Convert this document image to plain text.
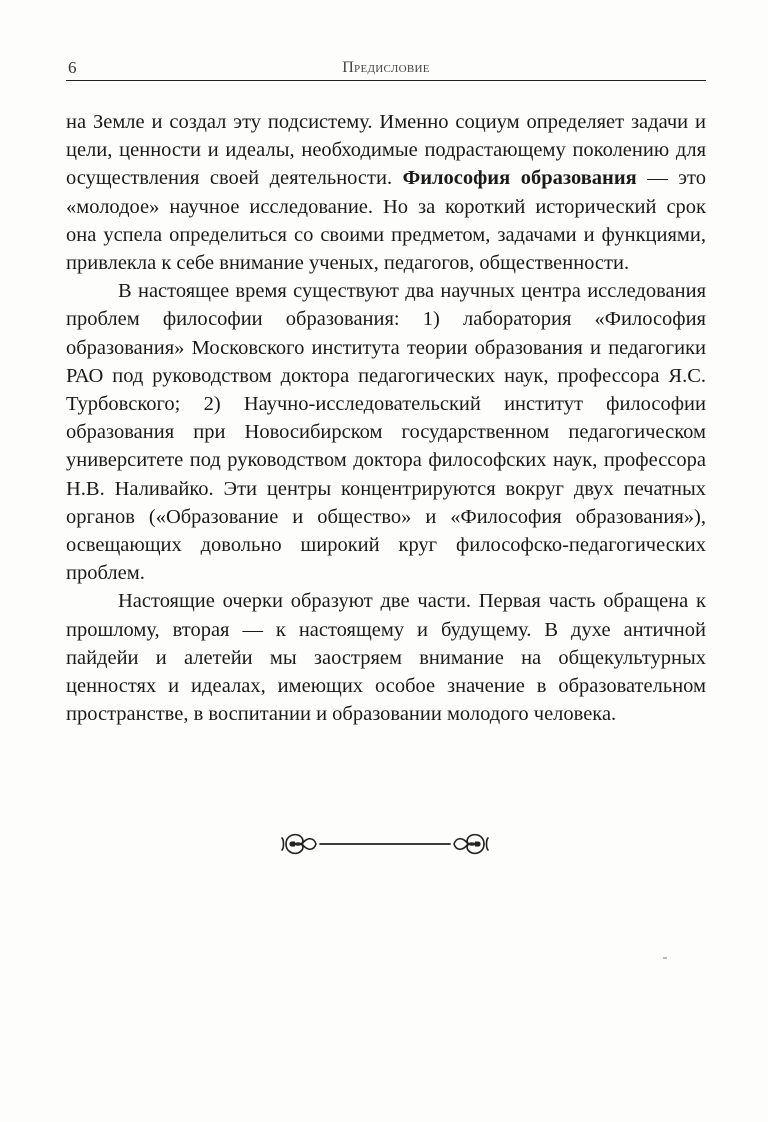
6	Предисловие

на Земле и создал эту подсистему. Именно социум определяет задачи и цели, ценности и идеалы, необходимые подрастающему поколению для осуществления своей деятельности. Философия образования — это «молодое» научное исследование. Но за короткий исторический срок она успела определиться со своими предметом, задачами и функциями, привлекла к себе внимание ученых, педагогов, общественности.

В настоящее время существуют два научных центра исследования проблем философии образования: 1) лаборатория «Философия образования» Московского института теории образования и педагогики РАО под руководством доктора педагогических наук, профессора Я.С. Турбовского; 2) Научно-исследовательский институт философии образования при Новосибирском государственном педагогическом университете под руководством доктора философских наук, профессора Н.В. Наливайко. Эти центры концентрируются вокруг двух печатных органов («Образование и общество» и «Философия образования»), освещающих довольно широкий круг философско-педагогических проблем.

Настоящие очерки образуют две части. Первая часть обращена к прошлому, вторая — к настоящему и будущему. В духе античной пайдейи и алетейи мы заостряем внимание на общекультурных ценностях и идеалах, имеющих особое значение в образовательном пространстве, в воспитании и образовании молодого человека.
